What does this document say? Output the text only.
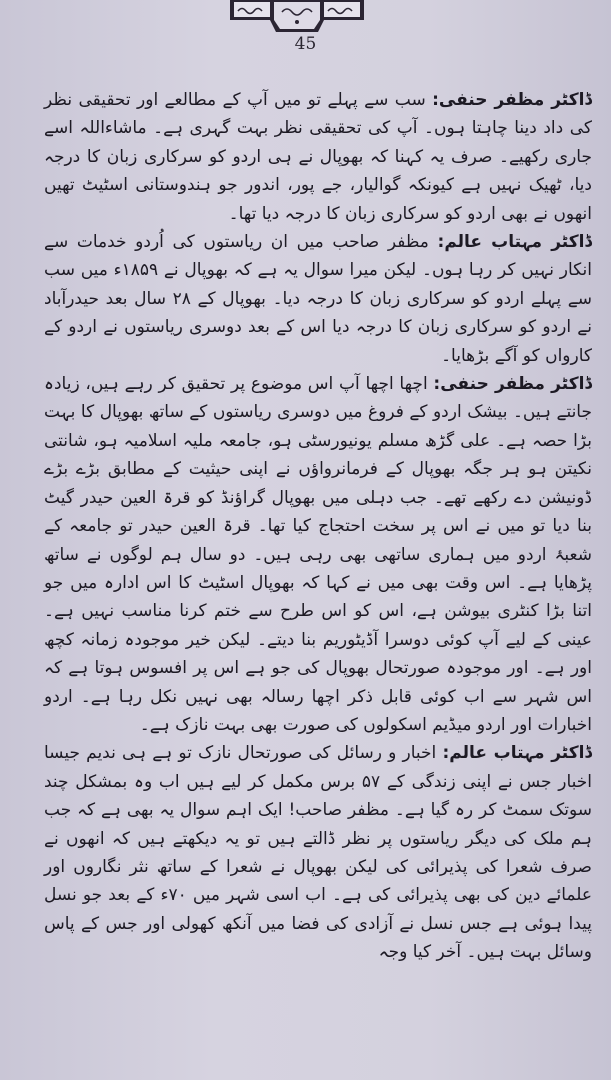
45

ڈاکٹر مظفر حنفی: سب سے پہلے تو میں آپ کے مطالعے اور تحقیقی نظر کی داد دینا چاہتا ہوں۔ آپ کی تحقیقی نظر بہت گہری ہے۔ ماشاءاللہ اسے جاری رکھیے۔ صرف یہ کہنا کہ بھوپال نے ہی اردو کو سرکاری زبان کا درجہ دیا، ٹھیک نہیں ہے کیونکہ گوالیار، جے پور، اندور جو ہندوستانی اسٹیٹ تھیں انھوں نے بھی اردو کو سرکاری زبان کا درجہ دیا تھا۔

ڈاکٹر مہتاب عالم: مظفر صاحب میں ان ریاستوں کی اُردو خدمات سے انکار نہیں کر رہا ہوں۔ لیکن میرا سوال یہ ہے کہ بھوپال نے ۱۸۵۹ء میں سب سے پہلے اردو کو سرکاری زبان کا درجہ دیا۔ بھوپال کے ۲۸ سال بعد حیدرآباد نے اردو کو سرکاری زبان کا درجہ دیا اس کے بعد دوسری ریاستوں نے اردو کے کارواں کو آگے بڑھایا۔

ڈاکٹر مظفر حنفی: اچھا اچھا آپ اس موضوع پر تحقیق کر رہے ہیں، زیادہ جانتے ہیں۔ بیشک اردو کے فروغ میں دوسری ریاستوں کے ساتھ بھوپال کا بہت بڑا حصہ ہے۔ علی گڑھ مسلم یونیورسٹی ہو، جامعہ ملیہ اسلامیہ ہو، شانتی نکیتن ہو ہر جگہ بھوپال کے فرمانرواؤں نے اپنی حیثیت کے مطابق بڑے بڑے ڈونیشن دے رکھے تھے۔ جب دہلی میں بھوپال گراؤنڈ کو قرۃ العین حیدر گیٹ بنا دیا تو میں نے اس پر سخت احتجاج کیا تھا۔ قرۃ العین حیدر تو جامعہ کے شعبۂ اردو میں ہماری ساتھی بھی رہی ہیں۔ دو سال ہم لوگوں نے ساتھ پڑھایا ہے۔ اس وقت بھی میں نے کہا کہ بھوپال اسٹیٹ کا اس ادارہ میں جو اتنا بڑا کنٹری بیوشن ہے، اس کو اس طرح سے ختم کرنا مناسب نہیں ہے۔ عینی کے لیے آپ کوئی دوسرا آڈیٹوریم بنا دیتے۔ لیکن خیر موجودہ زمانہ کچھ اور ہے۔ اور موجودہ صورتحال بھوپال کی جو ہے اس پر افسوس ہوتا ہے کہ اس شہر سے اب کوئی قابل ذکر اچھا رسالہ بھی نہیں نکل رہا ہے۔ اردو اخبارات اور اردو میڈیم اسکولوں کی صورت بھی بہت نازک ہے۔

ڈاکٹر مہتاب عالم: اخبار و رسائل کی صورتحال نازک تو ہے ہی ندیم جیسا اخبار جس نے اپنی زندگی کے ۵۷ برس مکمل کر لیے ہیں اب وہ بمشکل چند سوتک سمٹ کر رہ گیا ہے۔ مظفر صاحب! ایک اہم سوال یہ بھی ہے کہ جب ہم ملک کی دیگر ریاستوں پر نظر ڈالتے ہیں تو یہ دیکھتے ہیں کہ انھوں نے صرف شعرا کی پذیرائی کی لیکن بھوپال نے شعرا کے ساتھ نثر نگاروں اور علمائے دین کی بھی پذیرائی کی ہے۔ اب اسی شہر میں ۷۰ء کے بعد جو نسل پیدا ہوئی ہے جس نسل نے آزادی کی فضا میں آنکھ کھولی اور جس کے پاس وسائل بہت ہیں۔ آخر کیا وجہ
